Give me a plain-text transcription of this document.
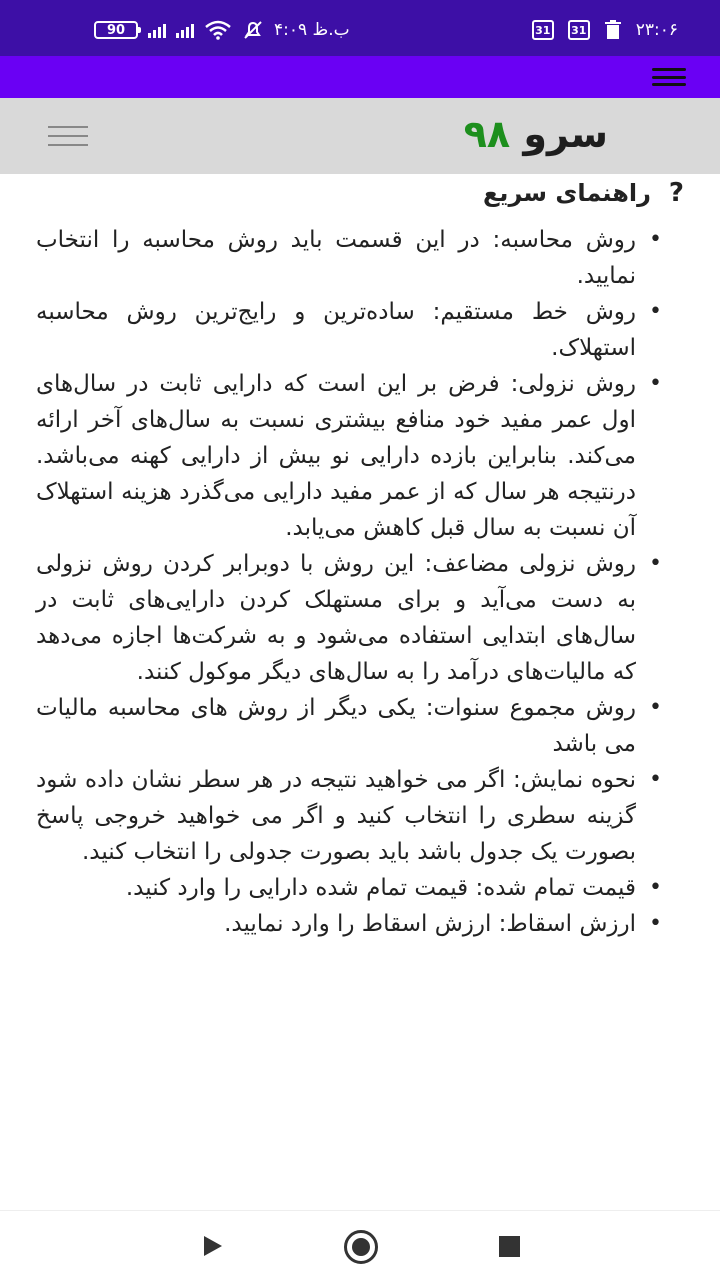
90	۴:۰۹ ب.ظ	31 31	۲۳:۰۶
سرو ۹۸
?
راهنمای سریع
• روش محاسبه: در این قسمت باید روش محاسبه را انتخاب نمایید.
• روش خط مستقیم: ساده‌ترین و رایج‌ترین روش محاسبه استهلاک.
• روش نزولی: فرض بر این است که دارایی ثابت در سال‌های اول عمر مفید خود منافع بیشتری نسبت به سال‌های آخر ارائه می‌کند. بنابراین بازده دارایی نو بیش از دارایی کهنه می‌باشد. درنتیجه هر سال که از عمر مفید دارایی می‌گذرد هزینه استهلاک آن نسبت به سال قبل کاهش می‌یابد.
• روش نزولی مضاعف: این روش با دوبرابر کردن روش نزولی به دست می‌آید و برای مستهلک کردن دارایی‌های ثابت در سال‌های ابتدایی استفاده می‌شود و به شرکت‌ها اجازه می‌دهد که مالیات‌های درآمد را به سال‌های دیگر موکول کنند.
• روش مجموع سنوات: یکی دیگر از روش های محاسبه مالیات می باشد
• نحوه نمایش: اگر می خواهید نتیجه در هر سطر نشان داده شود گزینه سطری را انتخاب کنید و اگر می خواهید خروجی پاسخ بصورت یک جدول باشد باید بصورت جدولی را انتخاب کنید.
• قیمت تمام شده: قیمت تمام شده دارایی را وارد کنید.
• ارزش اسقاط: ارزش اسقاط را وارد نمایید.
